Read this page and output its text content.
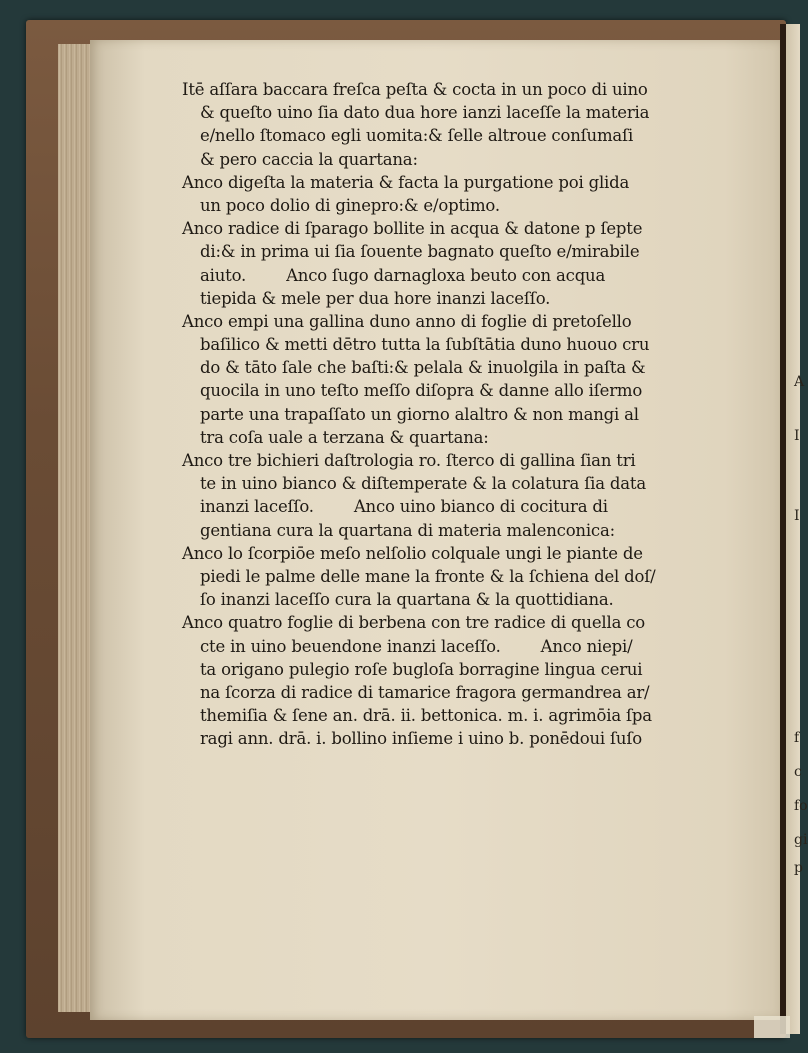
A
I
I
f
c
fo
gi
p
Itē aſſara baccara freſca peſta & cocta in un poco di uino
& queſto uino ſia dato dua hore ianzi laceſſe la materia
e/nello ſtomaco egli uomita:& ſelle altroue conſumaſi
& pero caccia la quartana:
Anco digeſta la materia & facta la purgatione poi glida
un poco dolio di ginepro:& e/optimo.
Anco radice di ſparago bollite in acqua & datone p ſepte
di:& in prima ui ſia ſouente bagnato queſto e/mirabile
aiuto. Anco ſugo darnagloxa beuto con acqua
tiepida & mele per dua hore inanzi laceſſo.
Anco empi una gallina duno anno di foglie di pretoſello
baſilico & metti dētro tutta la ſubſtātia duno huouo cru
do & tāto ſale che baſti:& pelala & inuolgila in paſta &
quocila in uno teſto meſſo diſopra & danne allo iſermo
parte una trapaſſato un giorno alaltro & non mangi al
tra coſa uale a terzana & quartana:
Anco tre bichieri daſtrologia ro. ſterco di gallina ſian tri
te in uino bianco & diſtemperate & la colatura ſia data
inanzi laceſſo. Anco uino bianco di cocitura di
gentiana cura la quartana di materia malenconica:
Anco lo ſcorpiōe meſo nelſolio colquale ungi le piante de
piedi le palme delle mane la fronte & la ſchiena del doſ/
ſo inanzi laceſſo cura la quartana & la quottidiana.
Anco quatro foglie di berbena con tre radice di quella co
cte in uino beuendone inanzi laceſſo. Anco niepi/
ta origano pulegio roſe bugloſa borragine lingua cerui
na ſcorza di radice di tamarice fragora germandrea ar/
themiſia & ſene an. drā. ii. bettonica. m. i. agrimōia ſpa
ragi ann. drā. i. bollino inſieme i uino b. ponēdoui ſuſo
